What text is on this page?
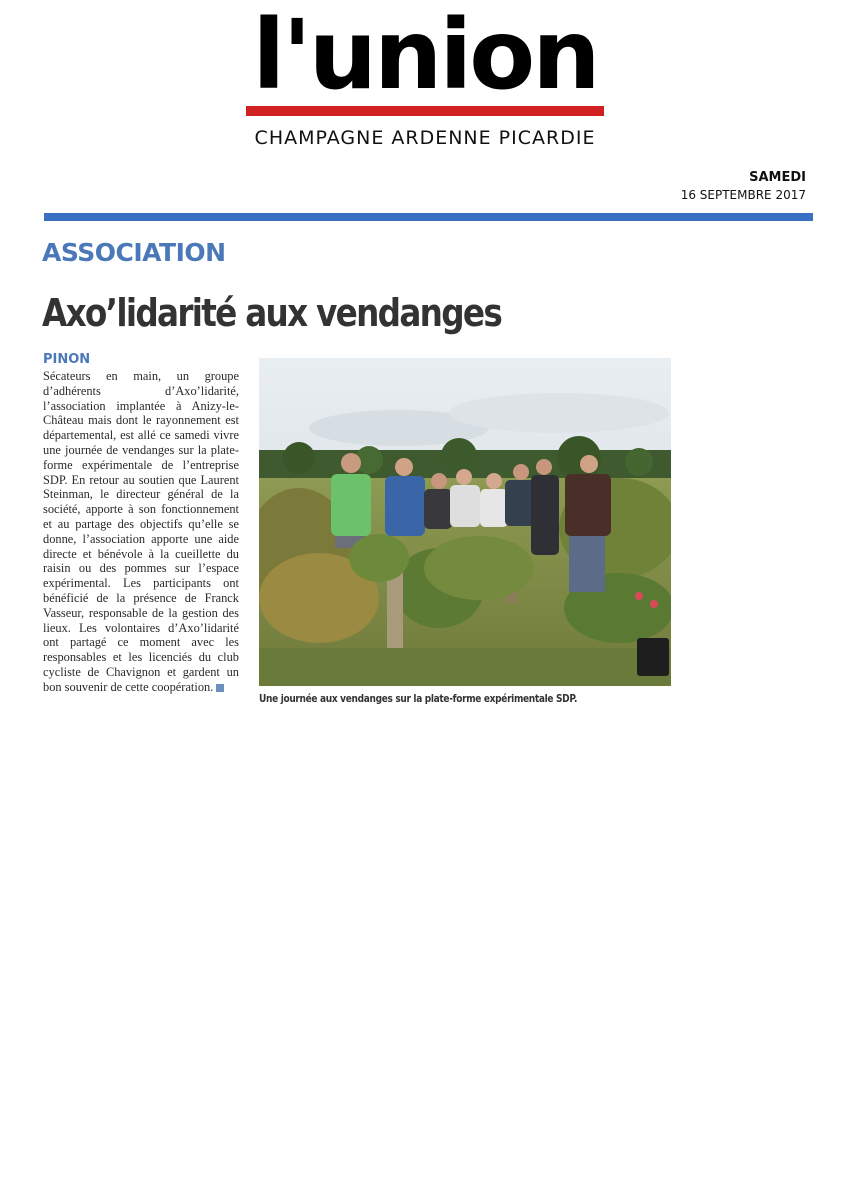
l'union
CHAMPAGNE ARDENNE PICARDIE
SAMEDI
16 SEPTEMBRE 2017
ASSOCIATION
Axo’lidarité aux vendanges
PINON
Sécateurs en main, un groupe d’adhérents d’Axo’lidarité, l’association implantée à Anizy-le-Château mais dont le rayonnement est départemental, est allé ce samedi vivre une journée de vendanges sur la plate-forme expérimentale de l’entreprise SDP. En retour au soutien que Laurent Steinman, le directeur général de la société, apporte à son fonctionnement et au partage des objectifs qu’elle se donne, l’association apporte une aide directe et bénévole à la cueillette du raisin ou des pommes sur l’espace expérimental. Les participants ont bénéficié de la présence de Franck Vasseur, responsable de la gestion des lieux. Les volontaires d’Axo’lidarité ont partagé ce moment avec les responsables et les licenciés du club cycliste de Chavignon et gardent un bon souvenir de cette coopération.
Une journée aux vendanges sur la plate-forme expérimentale SDP.
